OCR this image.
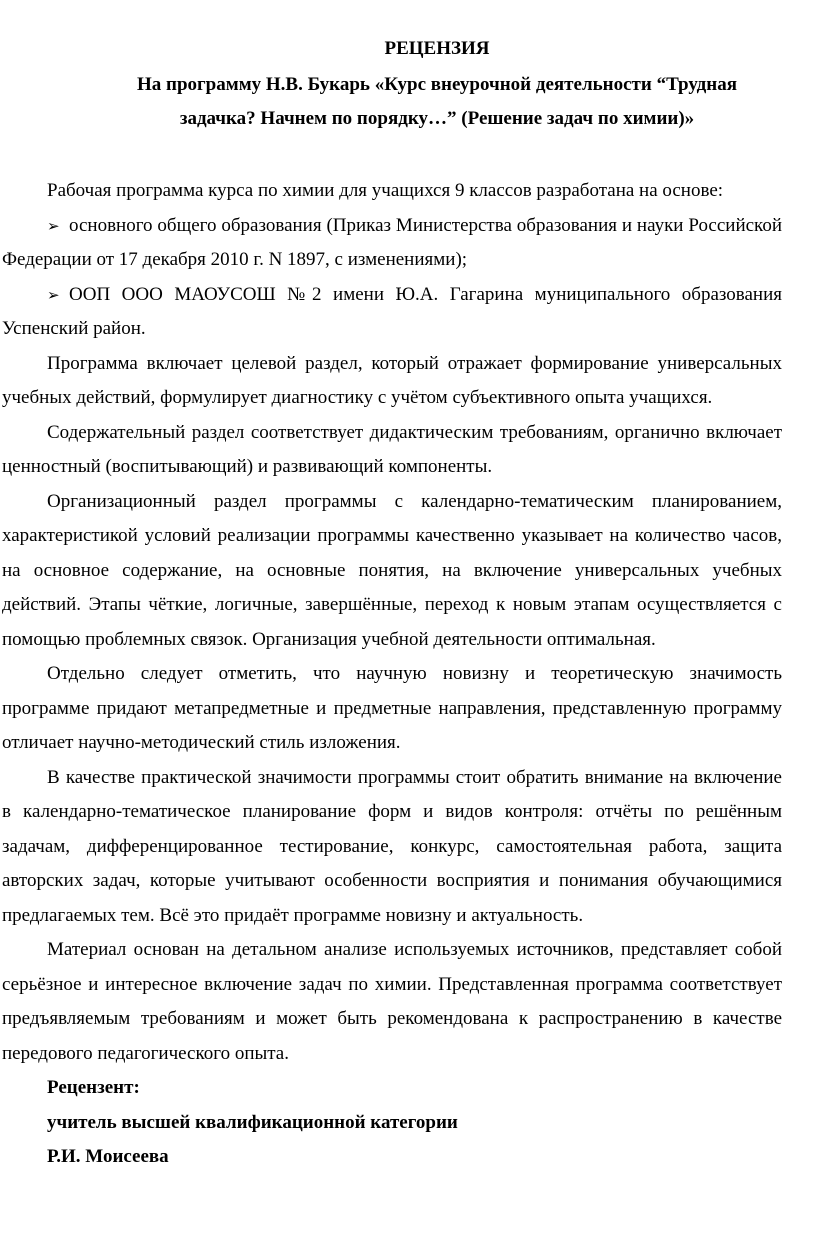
РЕЦЕНЗИЯ
На программу Н.В. Букарь «Курс внеурочной деятельности “Трудная
задачка? Начнем по порядку…” (Решение задач по химии)»

Рабочая программа курса по химии для учащихся 9 классов разработана на основе:

➢ основного общего образования (Приказ Министерства образования и науки Российской Федерации от 17 декабря 2010 г. N 1897, с изменениями);

➢ ООП ООО МАОУСОШ №2 имени Ю.А. Гагарина муниципального образования Успенский район.

Программа включает целевой раздел, который отражает формирование универсальных учебных действий, формулирует диагностику с учётом субъективного опыта учащихся.

Содержательный раздел соответствует дидактическим требованиям, органично включает ценностный (воспитывающий) и развивающий компоненты.

Организационный раздел программы с календарно-тематическим планированием, характеристикой условий реализации программы качественно указывает на количество часов, на основное содержание, на основные понятия, на включение универсальных учебных действий. Этапы чёткие, логичные, завершённые, переход к новым этапам осуществляется с помощью проблемных связок. Организация учебной деятельности оптимальная.

Отдельно следует отметить, что научную новизну и теоретическую значимость программе придают метапредметные и предметные направления, представленную программу отличает научно-методический стиль изложения.

В качестве практической значимости программы стоит обратить внимание на включение в календарно-тематическое планирование форм и видов контроля: отчёты по решённым задачам, дифференцированное тестирование, конкурс, самостоятельная работа, защита авторских задач, которые учитывают особенности восприятия и понимания обучающимися предлагаемых тем. Всё это придаёт программе новизну и актуальность.

Материал основан на детальном анализе используемых источников, представляет собой серьёзное и интересное включение задач по химии. Представленная программа соответствует предъявляемым требованиям и может быть рекомендована к распространению в качестве передового педагогического опыта.

Рецензент:
учитель высшей квалификационной категории
Р.И. Моисеева
